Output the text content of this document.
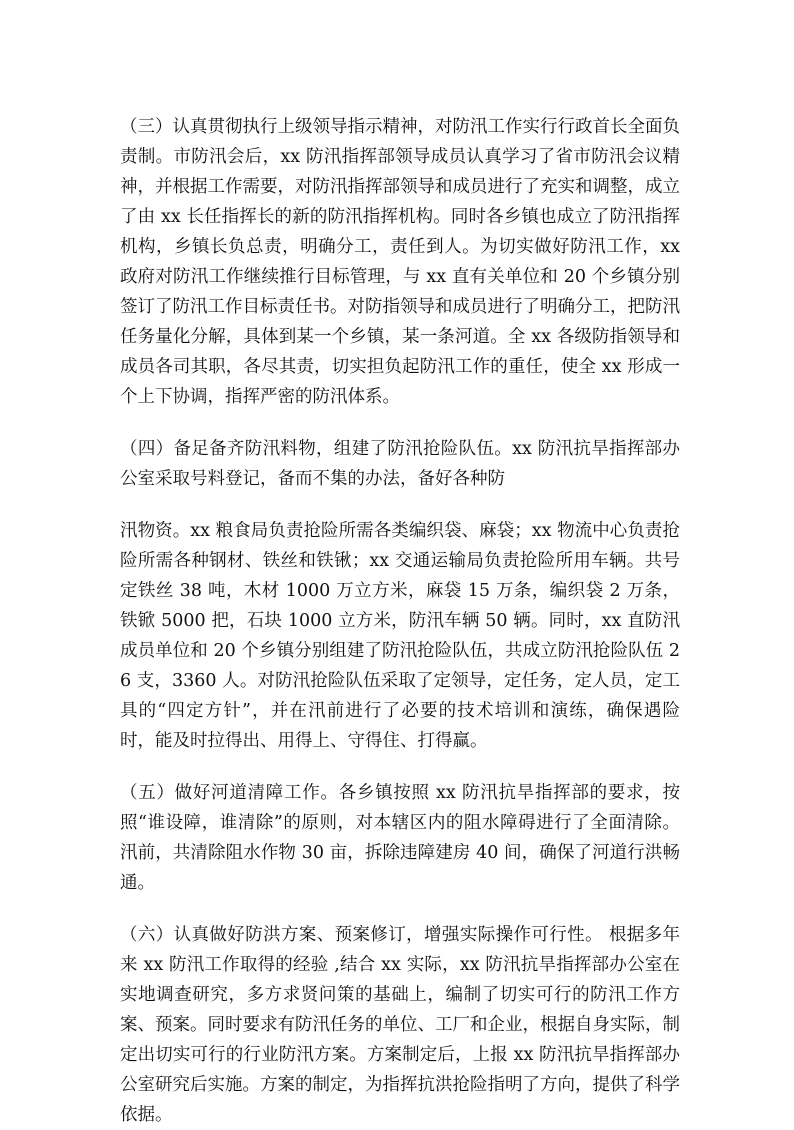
（三）认真贯彻执行上级领导指示精神，对防汛工作实行行政首长全面负责制。市防汛会后，xx 防汛指挥部领导成员认真学习了省市防汛会议精神，并根据工作需要，对防汛指挥部领导和成员进行了充实和调整，成立了由 xx 长任指挥长的新的防汛指挥机构。同时各乡镇也成立了防汛指挥机构，乡镇长负总责，明确分工，责任到人。为切实做好防汛工作，xx 政府对防汛工作继续推行目标管理，与 xx 直有关单位和 20 个乡镇分别签订了防汛工作目标责任书。对防指领导和成员进行了明确分工，把防汛任务量化分解，具体到某一个乡镇，某一条河道。全 xx 各级防指领导和成员各司其职，各尽其责，切实担负起防汛工作的重任，使全 xx 形成一个上下协调，指挥严密的防汛体系。

（四）备足备齐防汛料物，组建了防汛抢险队伍。xx 防汛抗旱指挥部办公室采取号料登记，备而不集的办法，备好各种防

汛物资。xx 粮食局负责抢险所需各类编织袋、麻袋；xx 物流中心负责抢险所需各种钢材、铁丝和铁锹；xx 交通运输局负责抢险所用车辆。共号定铁丝 38 吨，木材 1000 万立方米，麻袋 15 万条，编织袋 2 万条，铁锨 5000 把，石块 1000 立方米，防汛车辆 50 辆。同时，xx 直防汛成员单位和 20 个乡镇分别组建了防汛抢险队伍，共成立防汛抢险队伍 26 支，3360 人。对防汛抢险队伍采取了定领导，定任务，定人员，定工具的“四定方针”，并在汛前进行了必要的技术培训和演练，确保遇险时，能及时拉得出、用得上、守得住、打得赢。

（五）做好河道清障工作。各乡镇按照 xx 防汛抗旱指挥部的要求，按照“谁设障，谁清除”的原则，对本辖区内的阻水障碍进行了全面清除。汛前，共清除阻水作物 30 亩，拆除违障建房 40 间，确保了河道行洪畅通。

（六）认真做好防洪方案、预案修订，增强实际操作可行性。 根据多年来 xx 防汛工作取得的经验 ,结合 xx 实际，xx 防汛抗旱指挥部办公室在实地调查研究，多方求贤问策的基础上，编制了切实可行的防汛工作方案、预案。同时要求有防汛任务的单位、工厂和企业，根据自身实际，制定出切实可行的行业防汛方案。方案制定后，上报 xx 防汛抗旱指挥部办公室研究后实施。方案的制定，为指挥抗洪抢险指明了方向，提供了科学依据。
